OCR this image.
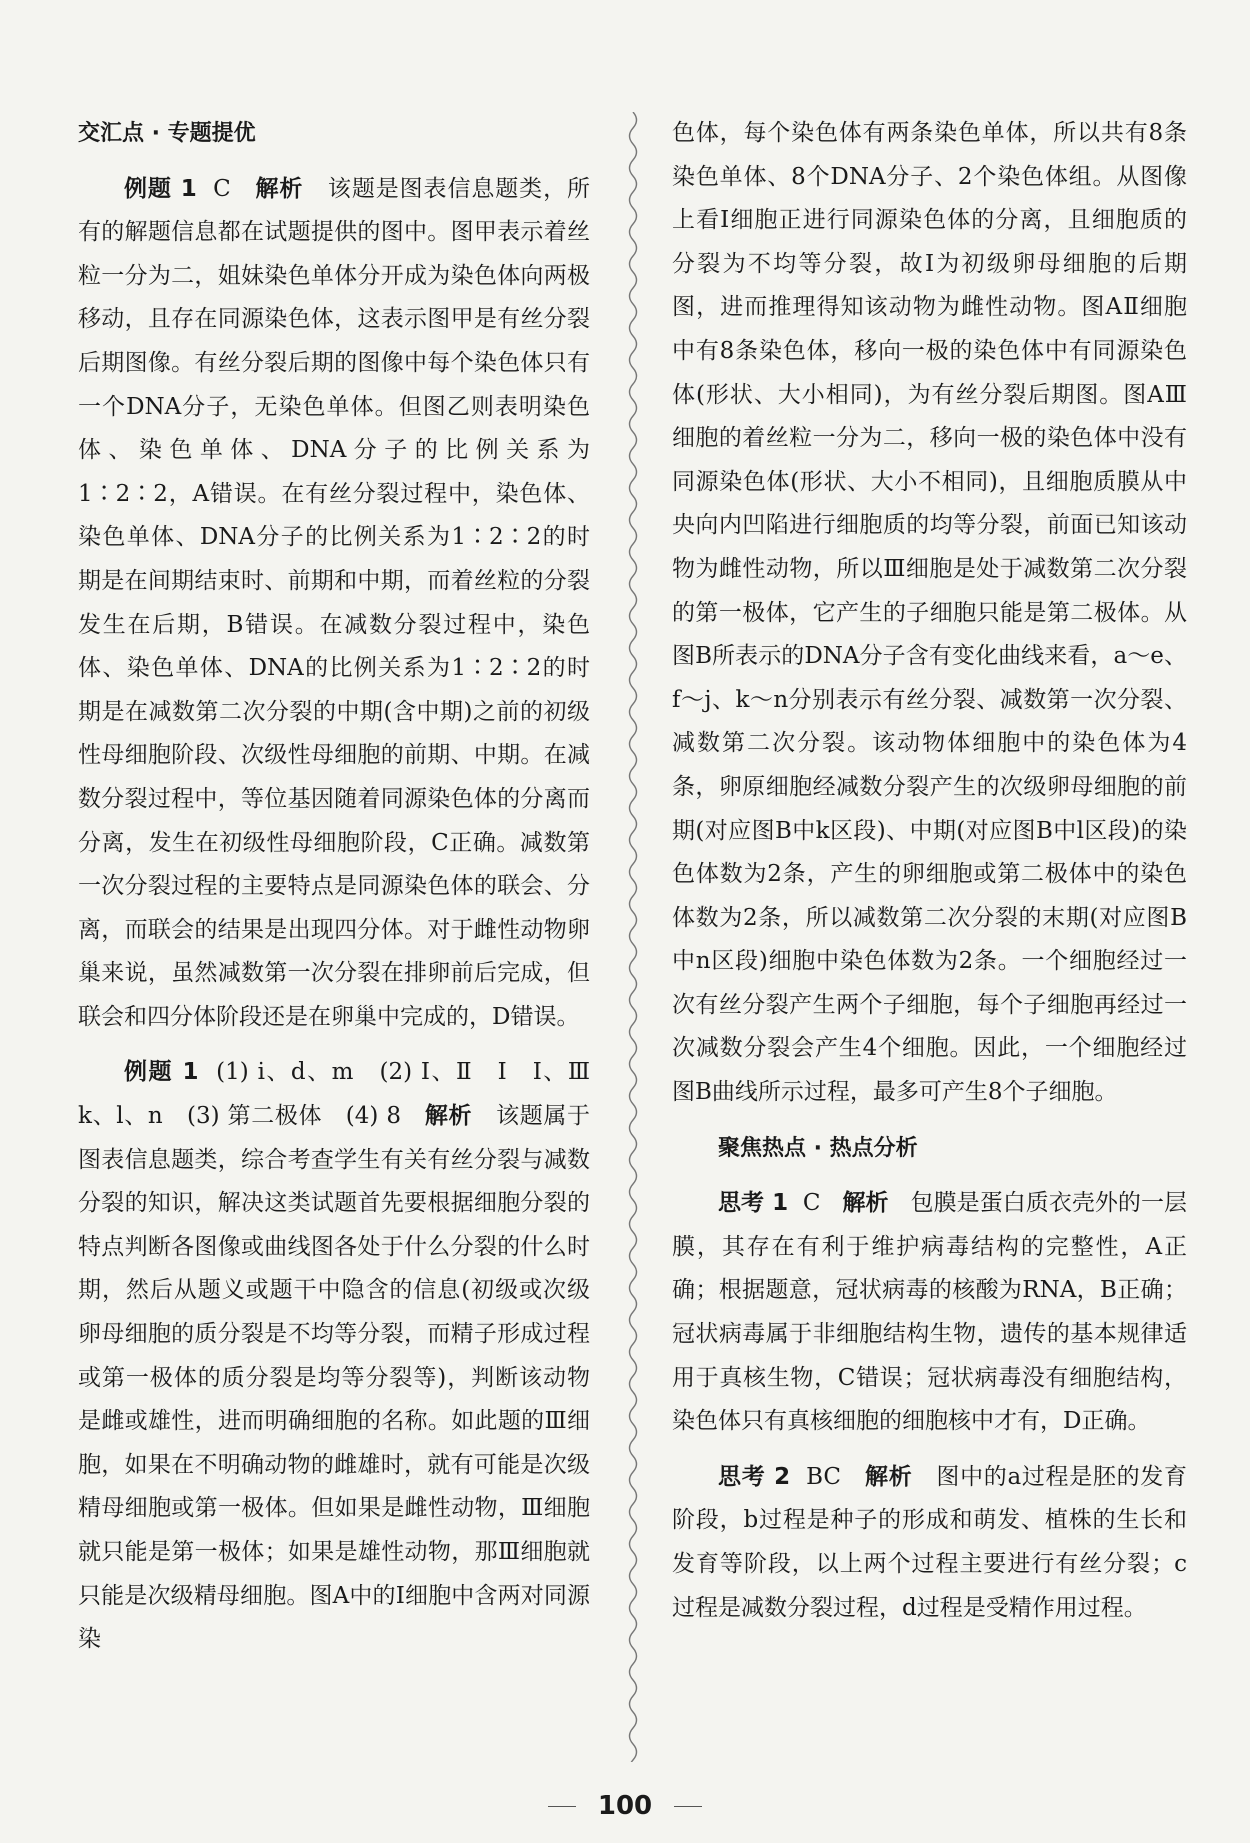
交汇点 · 专题提优

例题 1 C 解析 该题是图表信息题类，所有的解题信息都在试题提供的图中。图甲表示着丝粒一分为二，姐妹染色单体分开成为染色体向两极移动，且存在同源染色体，这表示图甲是有丝分裂后期图像。有丝分裂后期的图像中每个染色体只有一个DNA分子，无染色单体。但图乙则表明染色体、染色单体、DNA分子的比例关系为1∶2∶2，A错误。在有丝分裂过程中，染色体、染色单体、DNA分子的比例关系为1∶2∶2的时期是在间期结束时、前期和中期，而着丝粒的分裂发生在后期，B错误。在减数分裂过程中，染色体、染色单体、DNA的比例关系为1∶2∶2的时期是在减数第二次分裂的中期(含中期)之前的初级性母细胞阶段、次级性母细胞的前期、中期。在减数分裂过程中，等位基因随着同源染色体的分离而分离，发生在初级性母细胞阶段，C正确。减数第一次分裂过程的主要特点是同源染色体的联会、分离，而联会的结果是出现四分体。对于雌性动物卵巢来说，虽然减数第一次分裂在排卵前后完成，但联会和四分体阶段还是在卵巢中完成的，D错误。

例题 1 (1) i、d、m　(2) Ⅰ、Ⅱ　Ⅰ　Ⅰ、Ⅲ　k、l、n　(3) 第二极体　(4) 8 解析 该题属于图表信息题类，综合考查学生有关有丝分裂与减数分裂的知识，解决这类试题首先要根据细胞分裂的特点判断各图像或曲线图各处于什么分裂的什么时期，然后从题义或题干中隐含的信息(初级或次级卵母细胞的质分裂是不均等分裂，而精子形成过程或第一极体的质分裂是均等分裂等)，判断该动物是雌或雄性，进而明确细胞的名称。如此题的Ⅲ细胞，如果在不明确动物的雌雄时，就有可能是次级精母细胞或第一极体。但如果是雌性动物，Ⅲ细胞就只能是第一极体；如果是雄性动物，那Ⅲ细胞就只能是次级精母细胞。图A中的Ⅰ细胞中含两对同源染

色体，每个染色体有两条染色单体，所以共有8条染色单体、8个DNA分子、2个染色体组。从图像上看Ⅰ细胞正进行同源染色体的分离，且细胞质的分裂为不均等分裂，故Ⅰ为初级卵母细胞的后期图，进而推理得知该动物为雌性动物。图AⅡ细胞中有8条染色体，移向一极的染色体中有同源染色体(形状、大小相同)，为有丝分裂后期图。图AⅢ细胞的着丝粒一分为二，移向一极的染色体中没有同源染色体(形状、大小不相同)，且细胞质膜从中央向内凹陷进行细胞质的均等分裂，前面已知该动物为雌性动物，所以Ⅲ细胞是处于减数第二次分裂的第一极体，它产生的子细胞只能是第二极体。从图B所表示的DNA分子含有变化曲线来看，a～e、f～j、k～n分别表示有丝分裂、减数第一次分裂、减数第二次分裂。该动物体细胞中的染色体为4条，卵原细胞经减数分裂产生的次级卵母细胞的前期(对应图B中k区段)、中期(对应图B中l区段)的染色体数为2条，产生的卵细胞或第二极体中的染色体数为2条，所以减数第二次分裂的末期(对应图B中n区段)细胞中染色体数为2条。一个细胞经过一次有丝分裂产生两个子细胞，每个子细胞再经过一次减数分裂会产生4个细胞。因此，一个细胞经过图B曲线所示过程，最多可产生8个子细胞。

聚焦热点 · 热点分析

思考 1 C 解析 包膜是蛋白质衣壳外的一层膜，其存在有利于维护病毒结构的完整性，A正确；根据题意，冠状病毒的核酸为RNA，B正确；冠状病毒属于非细胞结构生物，遗传的基本规律适用于真核生物，C错误；冠状病毒没有细胞结构，染色体只有真核细胞的细胞核中才有，D正确。

思考 2 BC 解析 图中的a过程是胚的发育阶段，b过程是种子的形成和萌发、植株的生长和发育等阶段，以上两个过程主要进行有丝分裂；c过程是减数分裂过程，d过程是受精作用过程。

100
